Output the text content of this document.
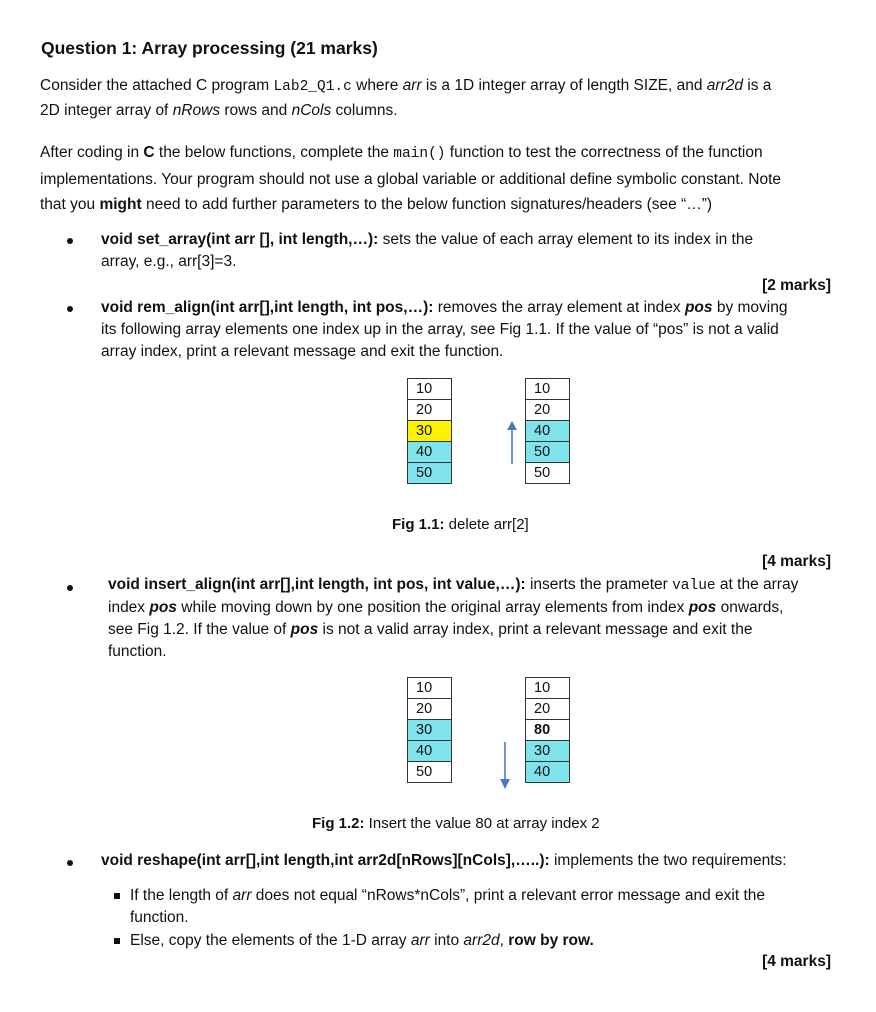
Question 1: Array processing (21 marks)
Consider the attached C program Lab2_Q1.c where arr is a 1D integer array of length SIZE, and arr2d is a
2D integer array of nRows rows and nCols columns.
After coding in C the below functions, complete the main() function to test the correctness of the function
implementations. Your program should not use a global variable or additional define symbolic constant. Note
that you might need to add further parameters to the below function signatures/headers (see “…”)
void set_array(int arr [], int length,…): sets the value of each array element to its index in the
array, e.g., arr[3]=3.
[2 marks]
void rem_align(int arr[],int length, int pos,…): removes the array element at index pos by moving
its following array elements one index up in the array, see Fig 1.1. If the value of “pos” is not a valid
array index, print a relevant message and exit the function.
10
20
30
40
50
10
20
40
50
50
Fig 1.1: delete arr[2]
[4 marks]
void insert_align(int arr[],int length, int pos, int value,…): inserts the prameter value at the array
index pos while moving down by one position the original array elements from index pos onwards,
see Fig 1.2. If the value of pos is not a valid array index, print a relevant message and exit the
function.
10
20
30
40
50
10
20
80
30
40
Fig 1.2: Insert the value 80 at array index 2
void reshape(int arr[],int length,int arr2d[nRows][nCols],…..): implements the two requirements:
If the length of arr does not equal “nRows*nCols”, print a relevant error message and exit the
function.
Else, copy the elements of the 1-D array arr into arr2d, row by row.
[4 marks]
